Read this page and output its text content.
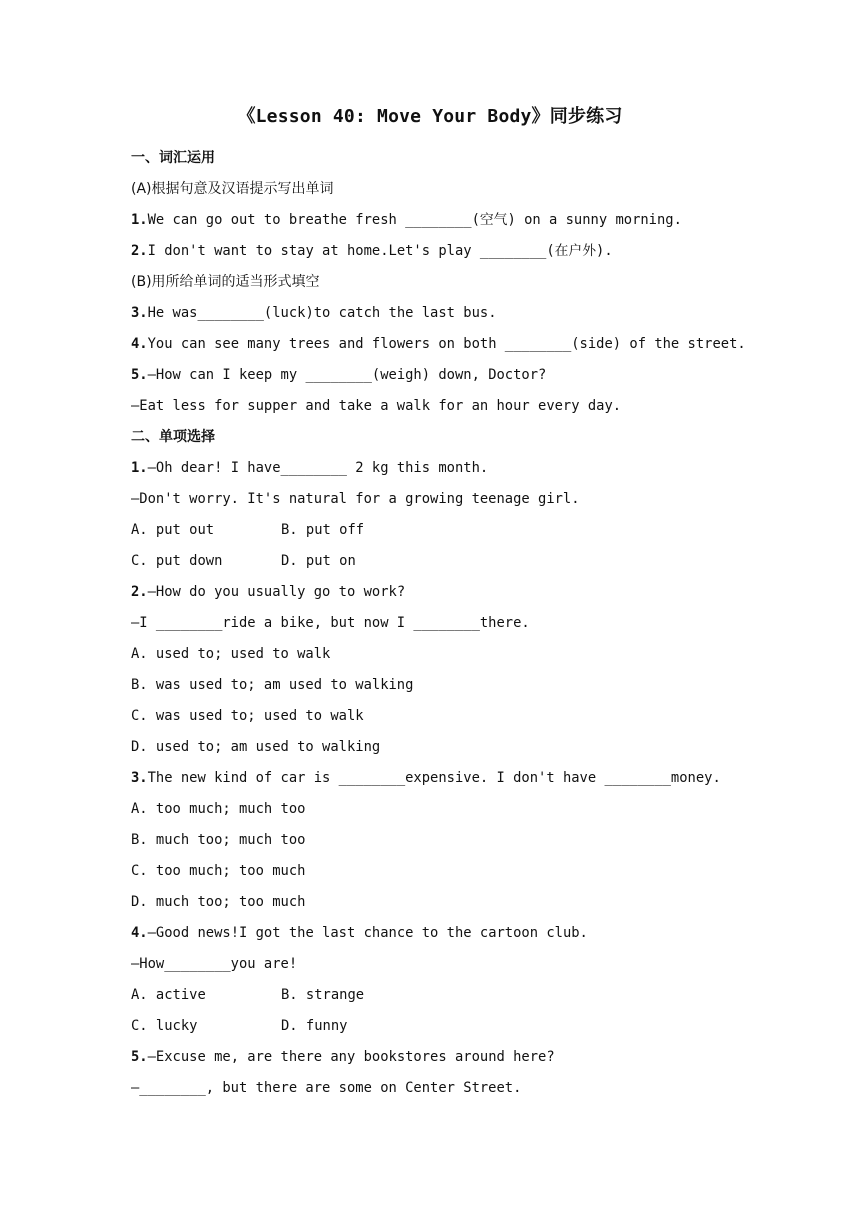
《Lesson 40: Move Your Body》同步练习
一、词汇运用
(A)根据句意及汉语提示写出单词
1.We can go out to breathe fresh ________(空气) on a sunny morning.
2.I don't want to stay at home.Let's play ________(在户外).
(B)用所给单词的适当形式填空
3.He was________(luck)to catch the last bus.
4.You can see many trees and flowers on both ________(side) of the street.
5.—How can I keep my ________(weigh) down, Doctor?
—Eat less for supper and take a walk for an hour every day.
二、单项选择
1.—Oh dear! I have________ 2 kg this month.
—Don't worry. It's natural for a growing teenage girl.
A. put out	B. put off
C. put down	D. put on
2.—How do you usually go to work?
—I ________ride a bike, but now I ________there.
A. used to; used to walk
B. was used to; am used to walking
C. was used to; used to walk
D. used to; am used to walking
3.The new kind of car is ________expensive. I don't have ________money.
A. too much; much too
B. much too; much too
C. too much; too much
D. much too; too much
4.—Good news!I got the last chance to the cartoon club.
—How________you are!
A. active	B. strange
C. lucky	D. funny
5.—Excuse me, are there any bookstores around here?
—________, but there are some on Center Street.
